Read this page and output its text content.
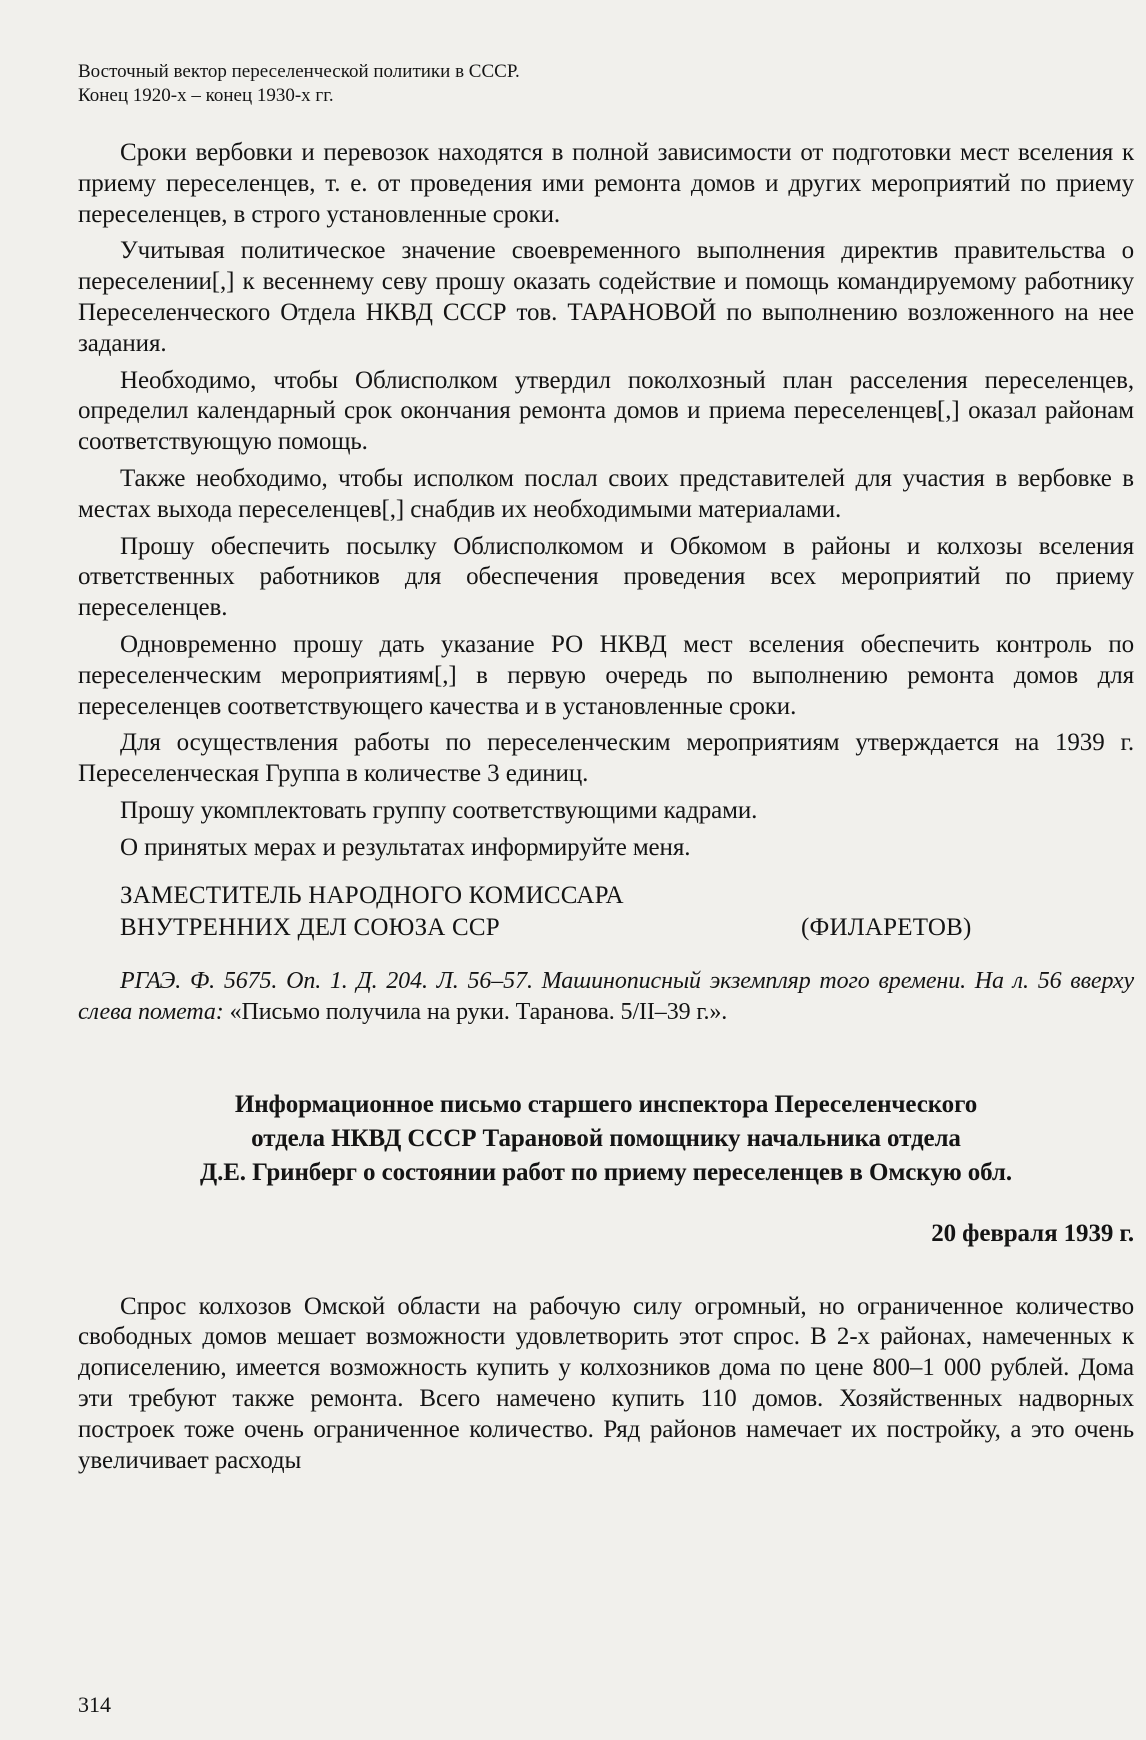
Восточный вектор переселенческой политики в СССР.
Конец 1920-х – конец 1930-х гг.

Сроки вербовки и перевозок находятся в полной зависимости от подготовки мест вселения к приему переселенцев, т. е. от проведения ими ремонта домов и других мероприятий по приему переселенцев, в строго установленные сроки.

Учитывая политическое значение своевременного выполнения директив правительства о переселении[,] к весеннему севу прошу оказать содействие и помощь командируемому работнику Переселенческого Отдела НКВД СССР тов. ТАРАНОВОЙ по выполнению возложенного на нее задания.

Необходимо, чтобы Облисполком утвердил поколхозный план расселения переселенцев, определил календарный срок окончания ремонта домов и приема переселенцев[,] оказал районам соответствующую помощь.

Также необходимо, чтобы исполком послал своих представителей для участия в вербовке в местах выхода переселенцев[,] снабдив их необходимыми материалами.

Прошу обеспечить посылку Облисполкомом и Обкомом в районы и колхозы вселения ответственных работников для обеспечения проведения всех мероприятий по приему переселенцев.

Одновременно прошу дать указание РО НКВД мест вселения обеспечить контроль по переселенческим мероприятиям[,] в первую очередь по выполнению ремонта домов для переселенцев соответствующего качества и в установленные сроки.

Для осуществления работы по переселенческим мероприятиям утверждается на 1939 г. Переселенческая Группа в количестве 3 единиц.

Прошу укомплектовать группу соответствующими кадрами.

О принятых мерах и результатах информируйте меня.

ЗАМЕСТИТЕЛЬ НАРОДНОГО КОМИССАРА
ВНУТРЕННИХ ДЕЛ СОЮЗА ССР	(ФИЛАРЕТОВ)

РГАЭ. Ф. 5675. Оп. 1. Д. 204. Л. 56–57. Машинописный экземпляр того времени. На л. 56 вверху слева помета: «Письмо получила на руки. Таранова. 5/II–39 г.».

Информационное письмо старшего инспектора Переселенческого
отдела НКВД СССР Тарановой помощнику начальника отдела
Д.Е. Гринберг о состоянии работ по приему переселенцев в Омскую обл.
20 февраля 1939 г.

Спрос колхозов Омской области на рабочую силу огромный, но ограниченное количество свободных домов мешает возможности удовлетворить этот спрос. В 2-х районах, намеченных к дописелению, имеется возможность купить у колхозников дома по цене 800–1 000 рублей. Дома эти требуют также ремонта. Всего намечено купить 110 домов. Хозяйственных надворных построек тоже очень ограниченное количество. Ряд районов намечает их постройку, а это очень увеличивает расходы

314
